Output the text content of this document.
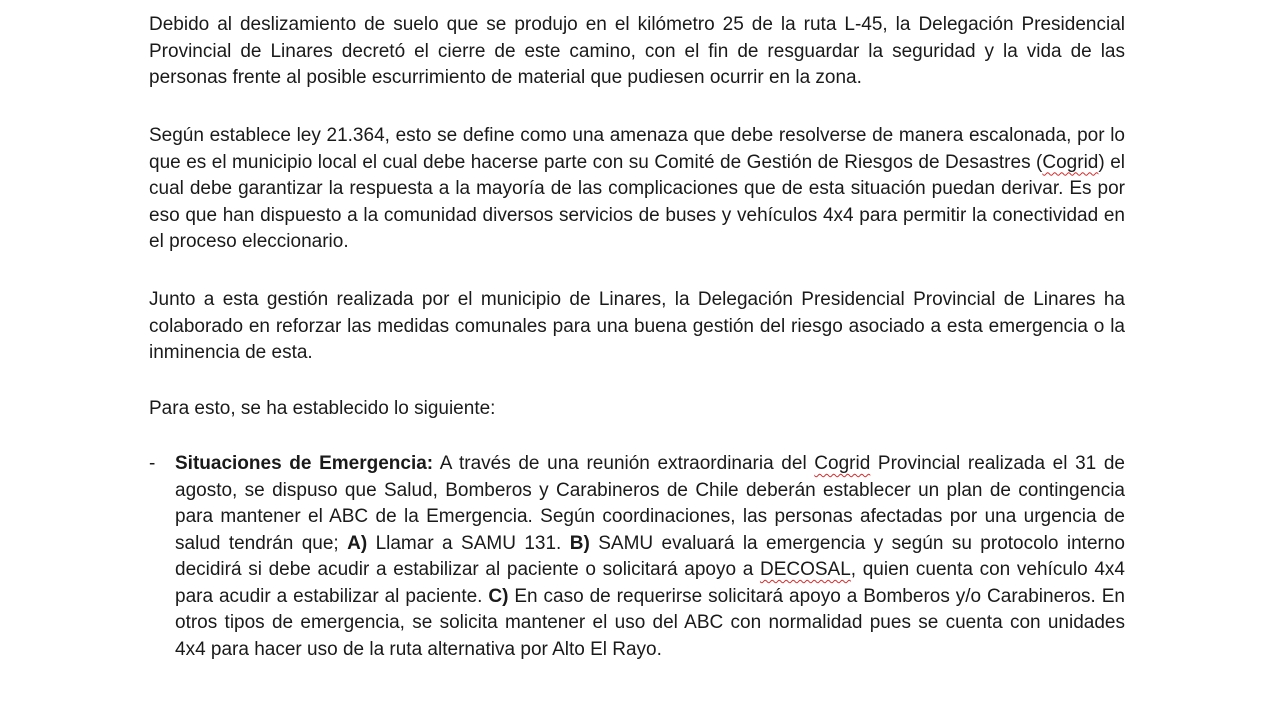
Debido al deslizamiento de suelo que se produjo en el kilómetro 25 de la ruta L-45, la Delegación Presidencial Provincial de Linares decretó el cierre de este camino, con el fin de resguardar la seguridad y la vida de las personas frente al posible escurrimiento de material que pudiesen ocurrir en la zona.

Según establece ley 21.364, esto se define como una amenaza que debe resolverse de manera escalonada, por lo que es el municipio local el cual debe hacerse parte con su Comité de Gestión de Riesgos de Desastres (Cogrid) el cual debe garantizar la respuesta a la mayoría de las complicaciones que de esta situación puedan derivar. Es por eso que han dispuesto a la comunidad diversos servicios de buses y vehículos 4x4 para permitir la conectividad en el proceso eleccionario.

Junto a esta gestión realizada por el municipio de Linares, la Delegación Presidencial Provincial de Linares ha colaborado en reforzar las medidas comunales para una buena gestión del riesgo asociado a esta emergencia o la inminencia de esta.

Para esto, se ha establecido lo siguiente:

-	Situaciones de Emergencia: A través de una reunión extraordinaria del Cogrid Provincial realizada el 31 de agosto, se dispuso que Salud, Bomberos y Carabineros de Chile deberán establecer un plan de contingencia para mantener el ABC de la Emergencia. Según coordinaciones, las personas afectadas por una urgencia de salud tendrán que; A) Llamar a SAMU 131. B) SAMU evaluará la emergencia y según su protocolo interno decidirá si debe acudir a estabilizar al paciente o solicitará apoyo a DECOSAL, quien cuenta con vehículo 4x4 para acudir a estabilizar al paciente. C) En caso de requerirse solicitará apoyo a Bomberos y/o Carabineros. En otros tipos de emergencia, se solicita mantener el uso del ABC con normalidad pues se cuenta con unidades 4x4 para hacer uso de la ruta alternativa por Alto El Rayo.
